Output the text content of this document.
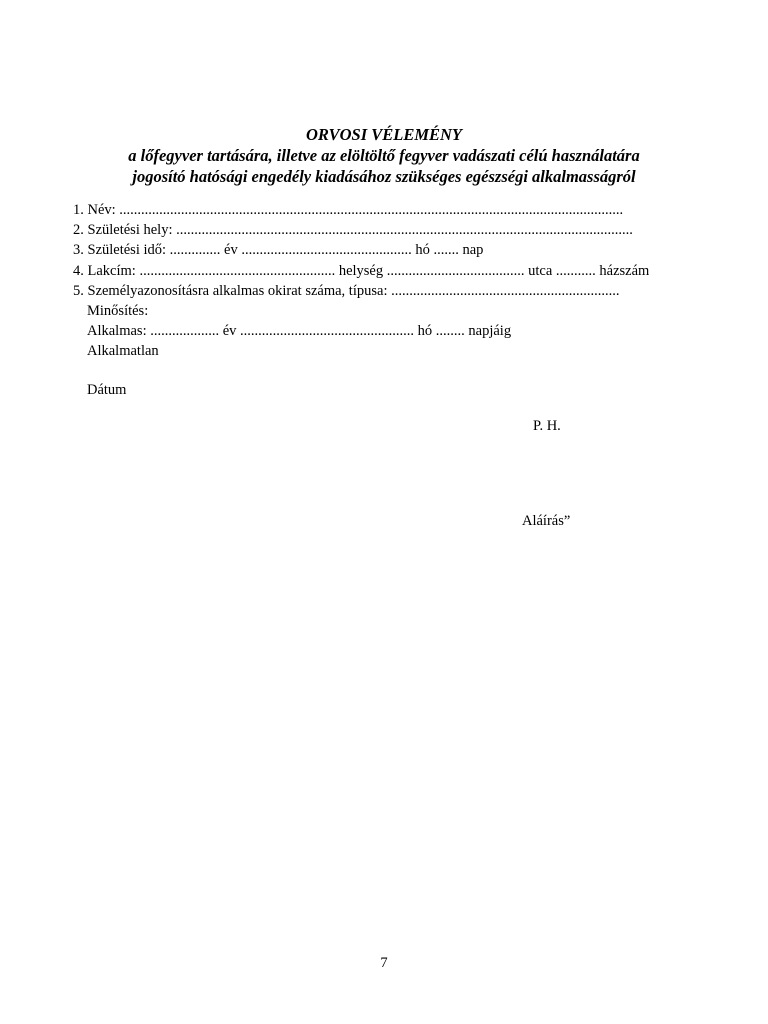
ORVOSI VÉLEMÉNY
a lőfegyver tartására, illetve az elöltöltő fegyver vadászati célú használatára
jogosító hatósági engedély kiadásához szükséges egészségi alkalmasságról
1. Név: ...........................................................................................................................................
2. Születési hely: ..............................................................................................................................
3. Születési idő: .............. év ............................................... hó ....... nap
4. Lakcím: ...................................................... helység ...................................... utca ........... házszám
5. Személyazonosításra alkalmas okirat száma, típusa: ...............................................................
Minősítés:
Alkalmas: ................... év ................................................ hó ........ napjáig
Alkalmatlan
Dátum
P. H.
Aláírás”
7
